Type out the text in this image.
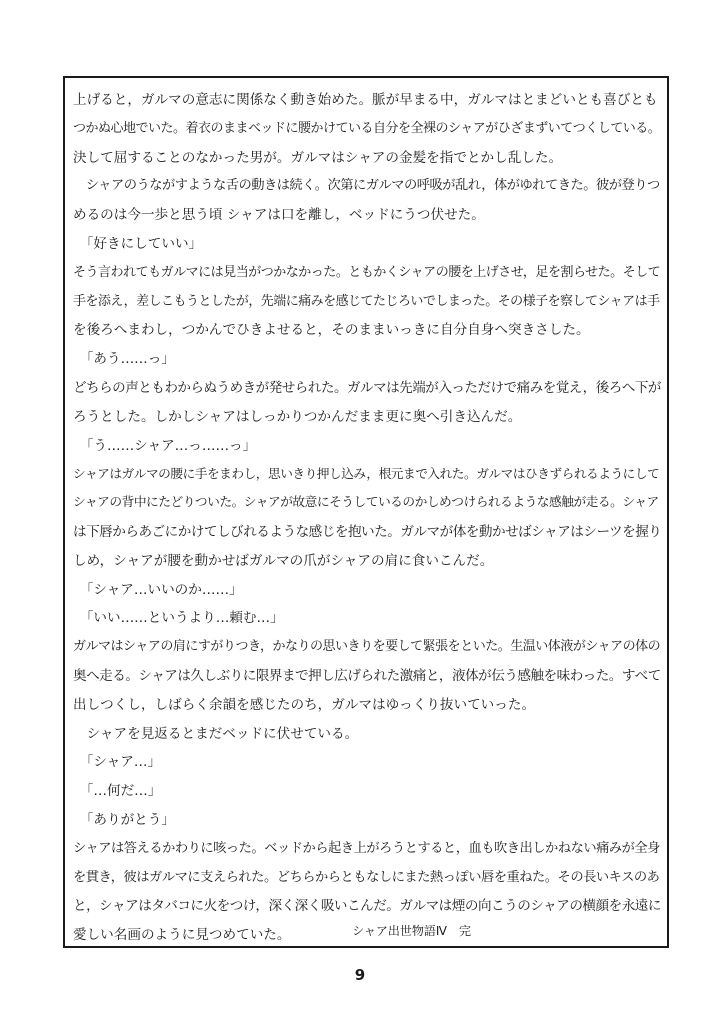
上げると，ガルマの意志に関係なく動き始めた。脈が早まる中，ガルマはとまどいとも喜びとも
つかぬ心地でいた。着衣のままベッドに腰かけている自分を全裸のシャアがひざまずいてつくしている。
決して屈することのなかった男が。ガルマはシャアの金髪を指でとかし乱した。
　シャアのうながすような舌の動きは続く。次第にガルマの呼吸が乱れ，体がゆれてきた。彼が登りつ
めるのは今一歩と思う頃 シャアは口を離し，ベッドにうつ伏せた。
　「好きにしていい」
そう言われてもガルマには見当がつかなかった。ともかくシャアの腰を上げさせ，足を割らせた。そして
手を添え，差しこもうとしたが，先端に痛みを感じてたじろいでしまった。その様子を察してシャアは手
を後ろへまわし，つかんでひきよせると，そのままいっきに自分自身へ突きさした。
　「あう……っ」
どちらの声ともわからぬうめきが発せられた。ガルマは先端が入っただけで痛みを覚え，後ろへ下が
ろうとした。しかしシャアはしっかりつかんだまま更に奥へ引き込んだ。
　「う……シャア…っ……っ」
シャアはガルマの腰に手をまわし，思いきり押し込み，根元まで入れた。ガルマはひきずられるようにして
シャアの背中にたどりついた。シャアが故意にそうしているのかしめつけられるような感触が走る。シャア
は下唇からあごにかけてしびれるような感じを抱いた。ガルマが体を動かせばシャアはシーツを握り
しめ，シャアが腰を動かせばガルマの爪がシャアの肩に食いこんだ。
　「シャア…いいのか……」
　「いい……というより…頼む…」
ガルマはシャアの肩にすがりつき，かなりの思いきりを要して緊張をといた。生温い体液がシャアの体の
奥へ走る。シャアは久しぶりに限界まで押し広げられた激痛と，液体が伝う感触を味わった。すべて
出しつくし，しばらく余韻を感じたのち，ガルマはゆっくり抜いていった。
　シャアを見返るとまだベッドに伏せている。
　「シャア…」
　「…何だ…」
　「ありがとう」
シャアは答えるかわりに咳った。ベッドから起き上がろうとすると，血も吹き出しかねない痛みが全身
を貫き，彼はガルマに支えられた。どちらからともなしにまた熱っぽい唇を重ねた。その長いキスのあ
と，シャアはタバコに火をつけ，深く深く吸いこんだ。ガルマは煙の向こうのシャアの横顔を永遠に
愛しい名画のように見つめていた。	シャア出世物語Ⅳ　完
9
